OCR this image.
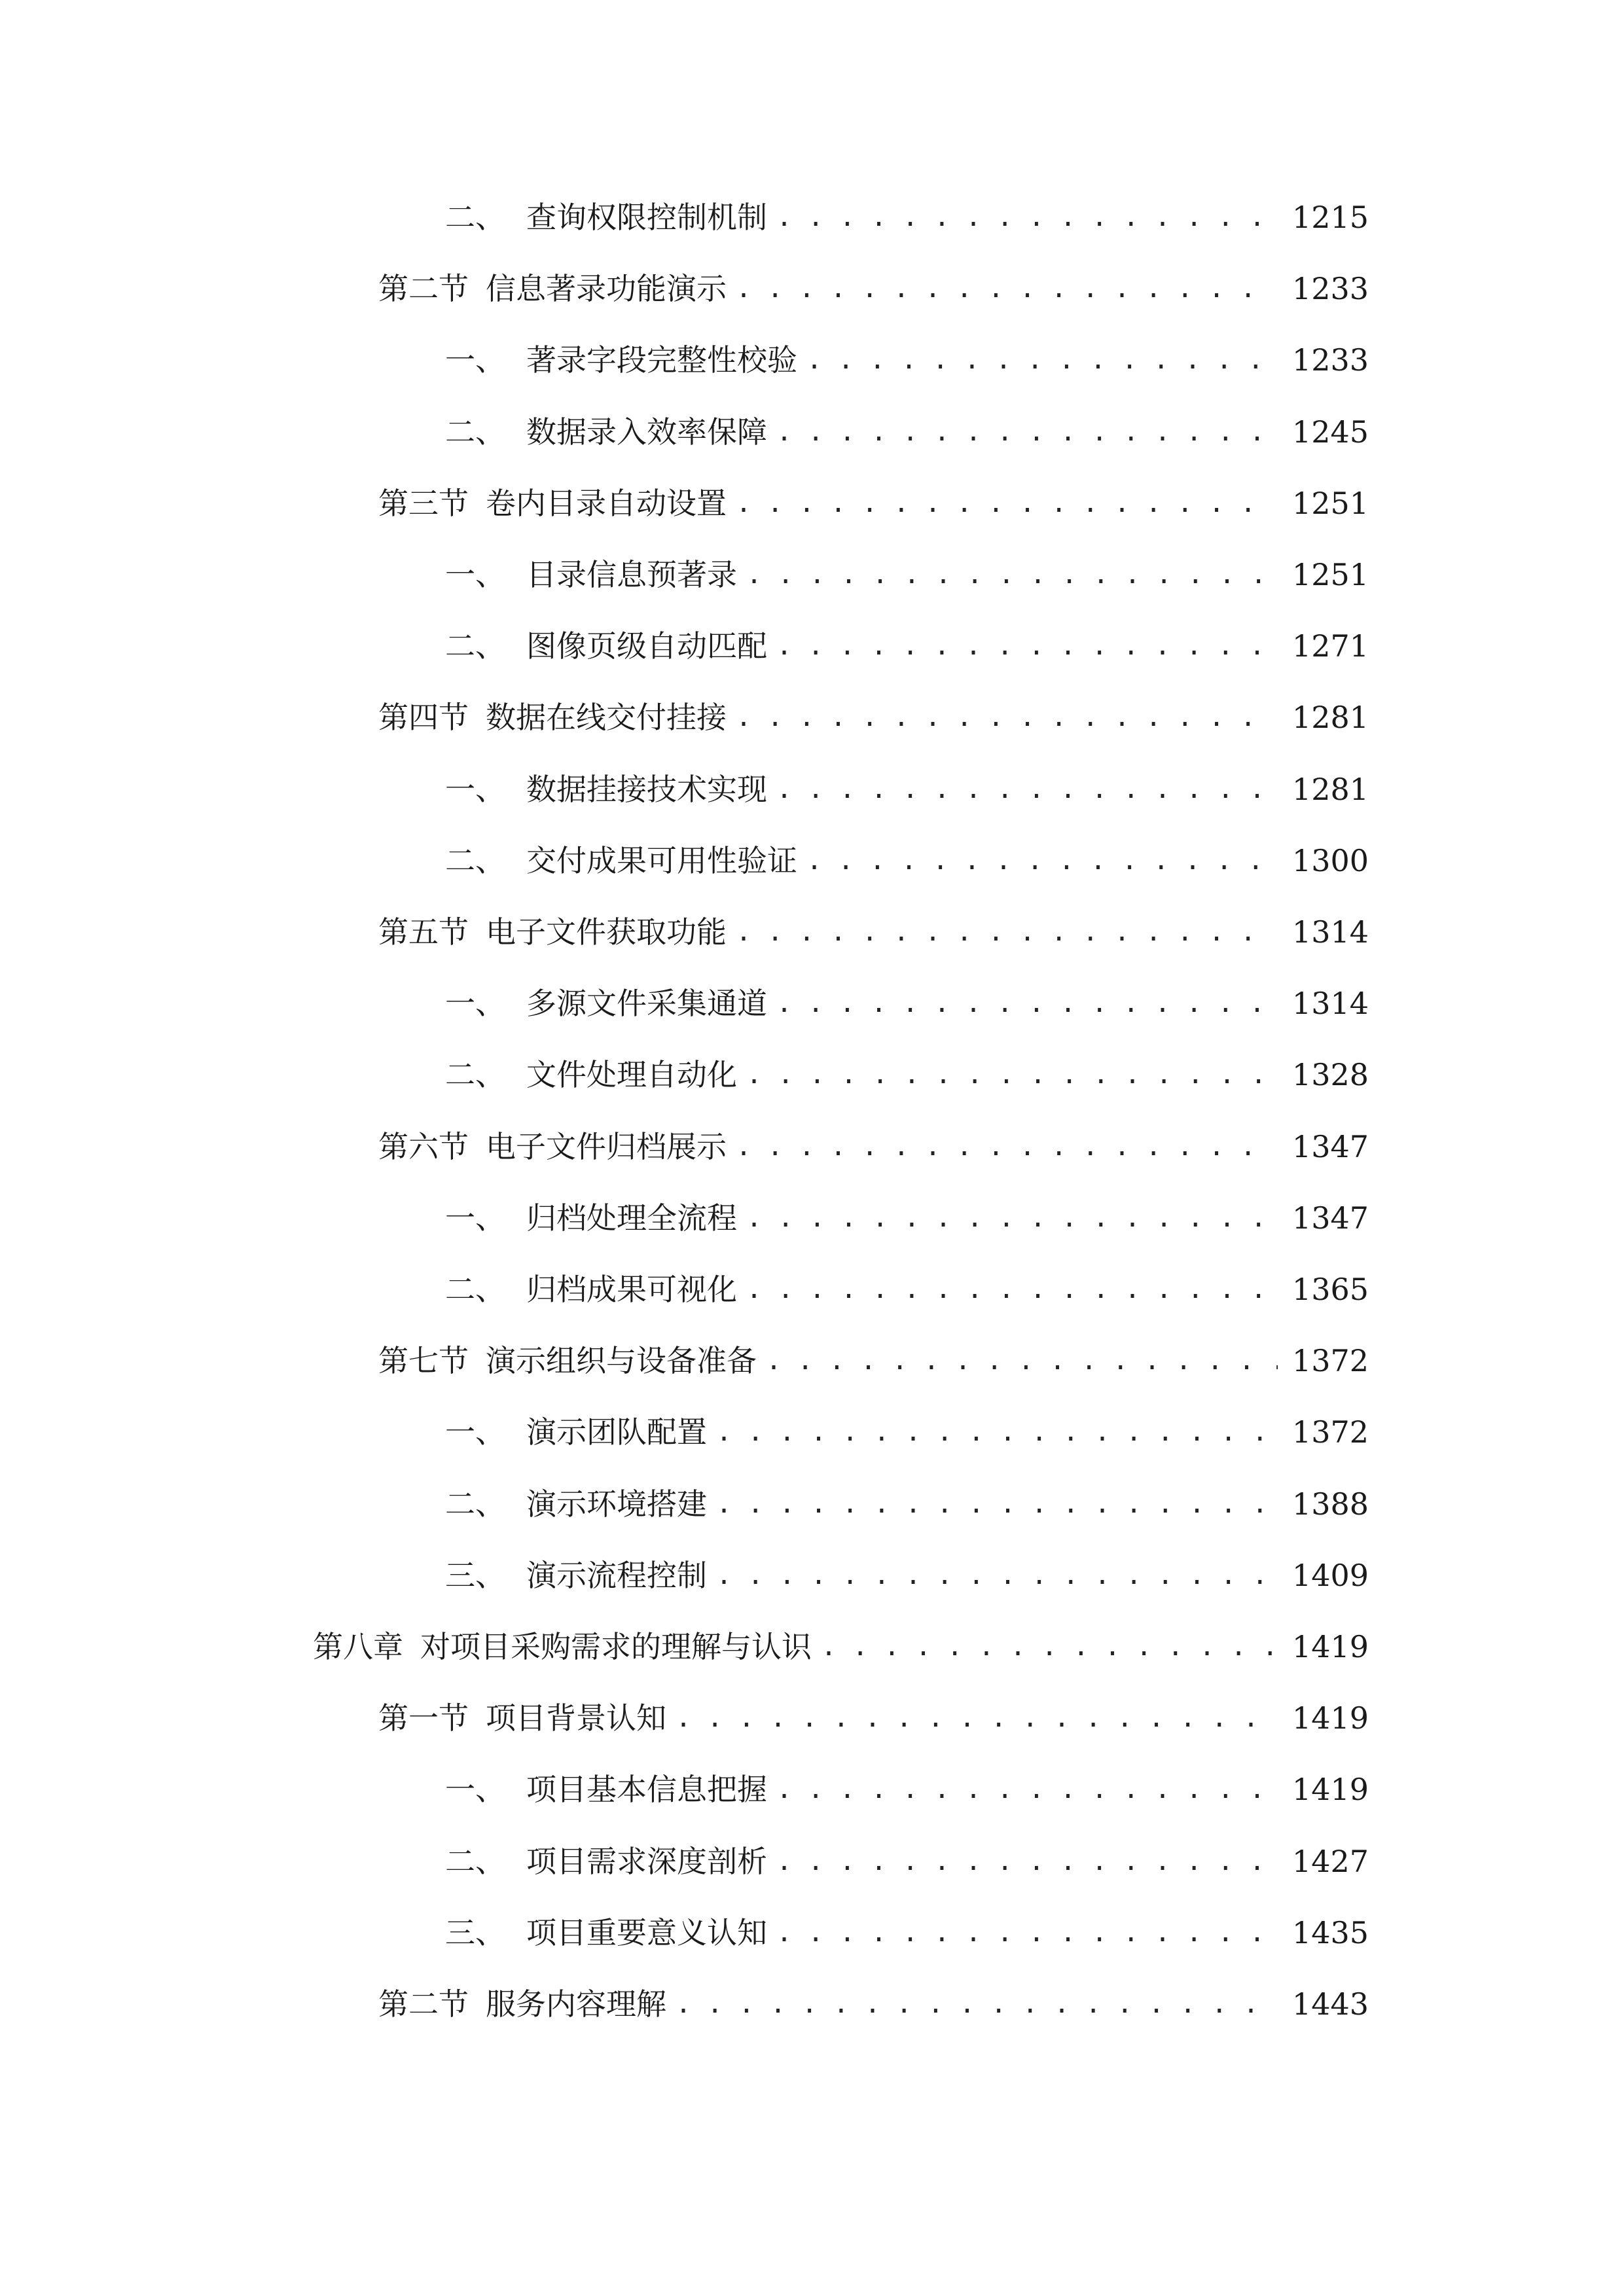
二、 查询权限控制机制 . . .	1215
第二节 信息著录功能演示 . . .	1233
一、 著录字段完整性校验 . . .	1233
二、 数据录入效率保障 . . .	1245
第三节 卷内目录自动设置 . . .	1251
一、 目录信息预著录 . . .	1251
二、 图像页级自动匹配 . . .	1271
第四节 数据在线交付挂接 . . .	1281
一、 数据挂接技术实现 . . .	1281
二、 交付成果可用性验证 . . .	1300
第五节 电子文件获取功能 . . .	1314
一、 多源文件采集通道 . . .	1314
二、 文件处理自动化 . . .	1328
第六节 电子文件归档展示 . . .	1347
一、 归档处理全流程 . . .	1347
二、 归档成果可视化 . . .	1365
第七节 演示组织与设备准备 . . .	1372
一、 演示团队配置 . . .	1372
二、 演示环境搭建 . . .	1388
三、 演示流程控制 . . .	1409
第八章 对项目采购需求的理解与认识 . . .	1419
第一节 项目背景认知 . . .	1419
一、 项目基本信息把握 . . .	1419
二、 项目需求深度剖析 . . .	1427
三、 项目重要意义认知 . . .	1435
第二节 服务内容理解 . . .	1443
